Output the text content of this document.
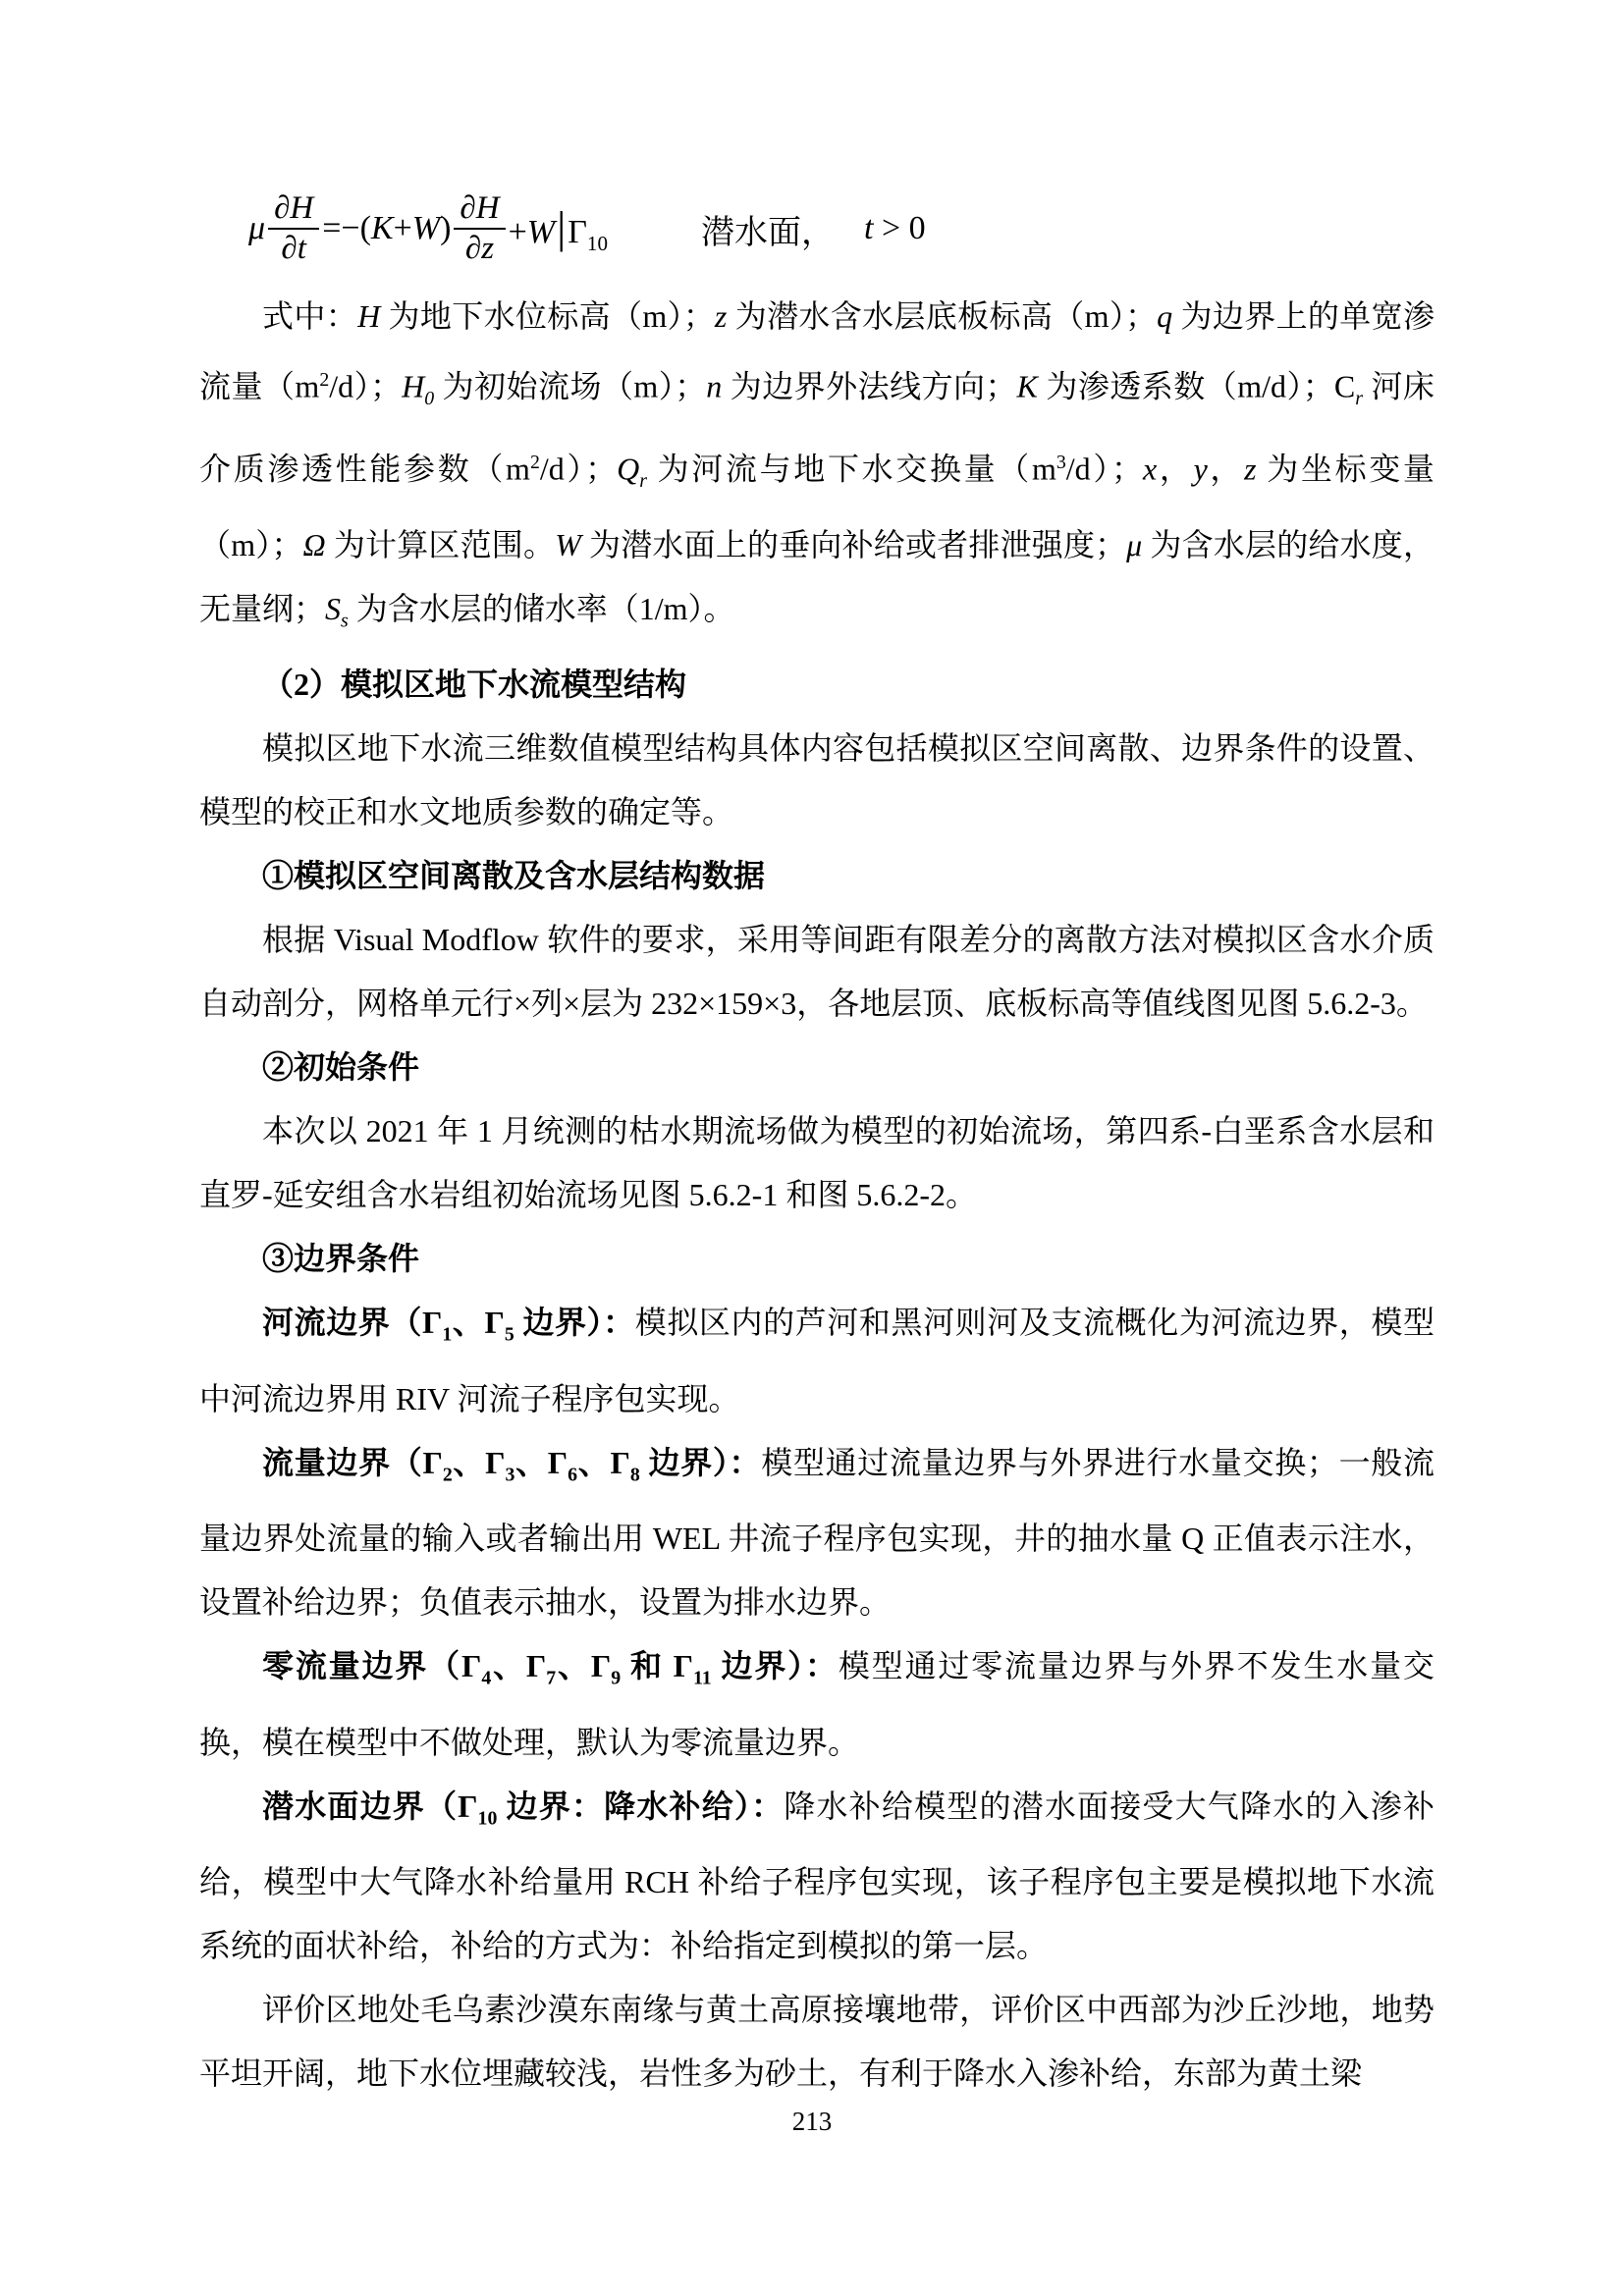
μ $\frac{\partial H}{\partial t} =-(K+W) \frac{\partial H}{\partial z} +W|\Gamma_{10}$	潜水面， t > 0

式中：H 为地下水位标高（m）；z 为潜水含水层底板标高（m）；q 为边界上的单宽渗流量$(m^2/d)$；$H_0$ 为初始流场（m）；n 为边界外法线方向；K 为渗透系数（m/d）；$C_r$ 河床介质渗透性能参数$(m^2/d)$；$Q_r$ 为河流与地下水交换量$(m^3/d)$；x，y，z 为坐标变量（m）；Ω 为计算区范围。W 为潜水面上的垂向补给或者排泄强度；μ 为含水层的给水度，无量纲；$S_s$ 为含水层的储水率（1/m）。

（2）模拟区地下水流模型结构

模拟区地下水流三维数值模型结构具体内容包括模拟区空间离散、边界条件的设置、模型的校正和水文地质参数的确定等。

①模拟区空间离散及含水层结构数据

根据 Visual Modflow 软件的要求，采用等间距有限差分的离散方法对模拟区含水介质自动剖分，网格单元行×列×层为 232×159×3，各地层顶、底板标高等值线图见图 5.6.2-3。

②初始条件

本次以 2021 年 1 月统测的枯水期流场做为模型的初始流场，第四系-白垩系含水层和直罗-延安组含水岩组初始流场见图 5.6.2-1 和图 5.6.2-2。

③边界条件

河流边界（$\Gamma_1$、$\Gamma_5$ 边界）：模拟区内的芦河和黑河则河及支流概化为河流边界，模型中河流边界用 RIV 河流子程序包实现。

流量边界（$\Gamma_2$、$\Gamma_3$、$\Gamma_6$、$\Gamma_8$ 边界）：模型通过流量边界与外界进行水量交换；一般流量边界处流量的输入或者输出用 WEL 井流子程序包实现，井的抽水量 Q 正值表示注水，设置补给边界；负值表示抽水，设置为排水边界。

零流量边界（$\Gamma_4$、$\Gamma_7$、$\Gamma_9$ 和 $\Gamma_{11}$ 边界）：模型通过零流量边界与外界不发生水量交换，模在模型中不做处理，默认为零流量边界。

潜水面边界（$\Gamma_{10}$ 边界：降水补给）：降水补给模型的潜水面接受大气降水的入渗补给，模型中大气降水补给量用 RCH 补给子程序包实现，该子程序包主要是模拟地下水流系统的面状补给，补给的方式为：补给指定到模拟的第一层。

评价区地处毛乌素沙漠东南缘与黄土高原接壤地带，评价区中西部为沙丘沙地，地势平坦开阔，地下水位埋藏较浅，岩性多为砂土，有利于降水入渗补给，东部为黄土梁

213
